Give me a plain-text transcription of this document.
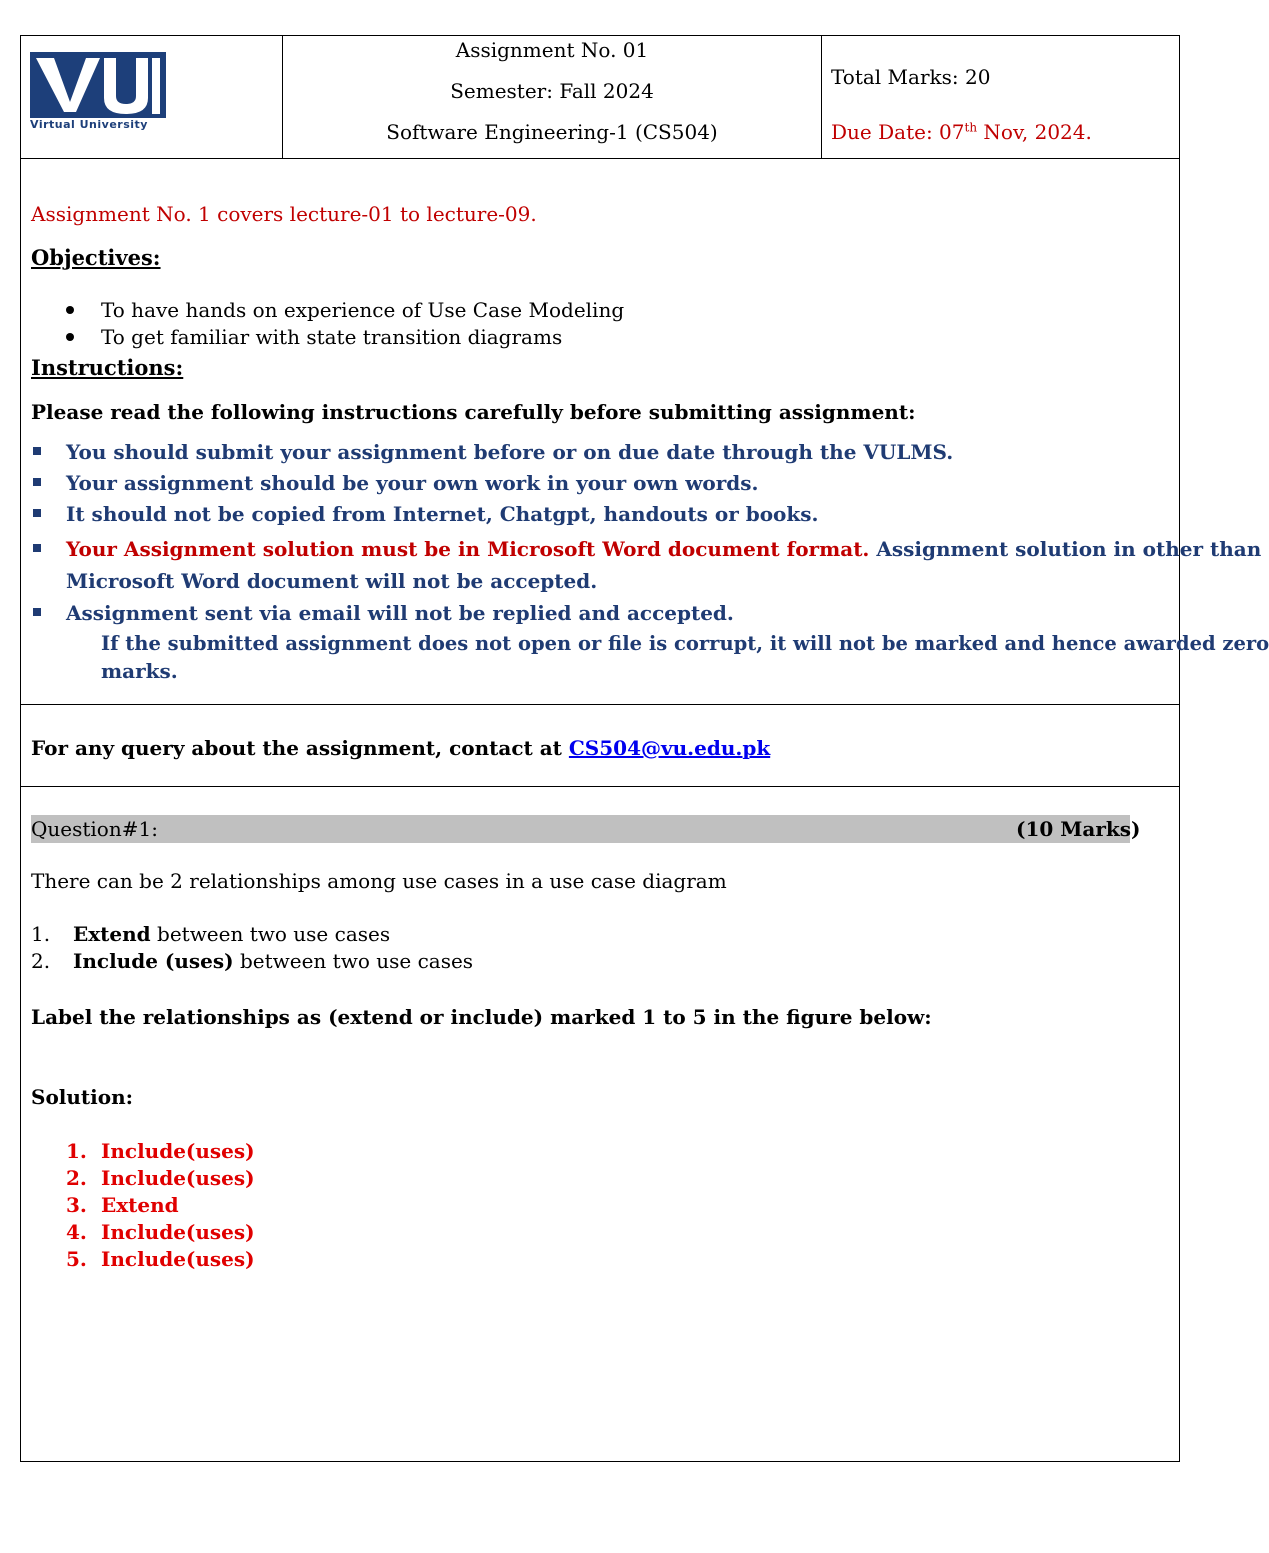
Virtual University
Assignment No. 01
Semester: Fall 2024
Software Engineering-1 (CS504)
Total Marks: 20
Due Date: 07th Nov, 2024.
Assignment No. 1 covers lecture-01 to lecture-09.
Objectives:
To have hands on experience of Use Case Modeling
To get familiar with state transition diagrams
Instructions:
Please read the following instructions carefully before submitting assignment:
You should submit your assignment before or on due date through the VULMS.
Your assignment should be your own work in your own words.
It should not be copied from Internet, Chatgpt, handouts or books.
Your Assignment solution must be in Microsoft Word document format. Assignment solution in other than
Microsoft Word document will not be accepted.
Assignment sent via email will not be replied and accepted.
If the submitted assignment does not open or file is corrupt, it will not be marked and hence awarded zero
marks.
For any query about the assignment, contact at CS504@vu.edu.pk
Question#1:	(10 Marks)
There can be 2 relationships among use cases in a use case diagram
1. Extend between two use cases
2. Include (uses) between two use cases
Label the relationships as (extend or include) marked 1 to 5 in the figure below:
Solution:
1. Include(uses)
2. Include(uses)
3. Extend
4. Include(uses)
5. Include(uses)
